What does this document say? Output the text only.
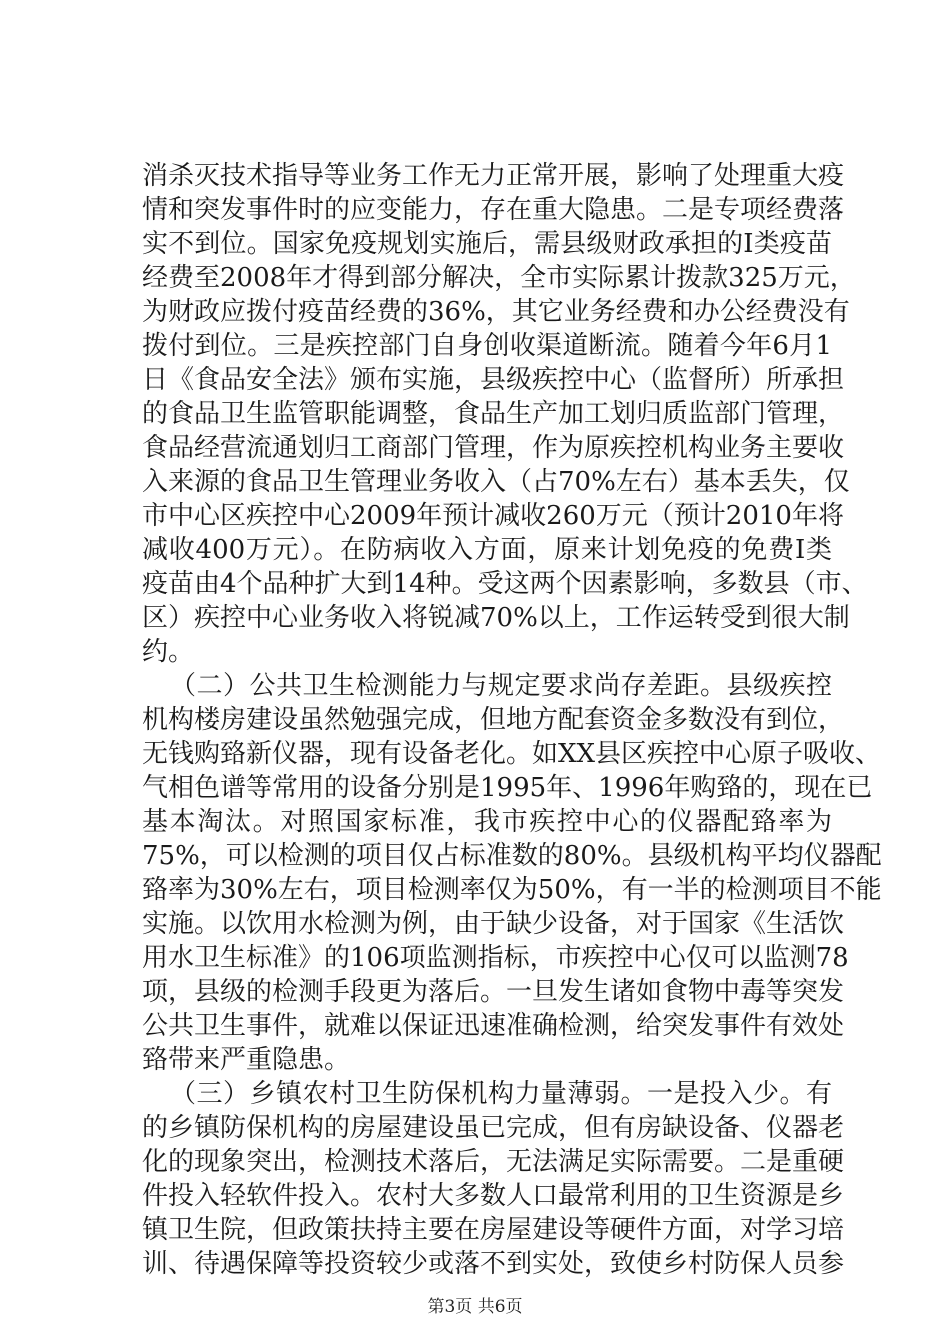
消杀灭技术指导等业务工作无力正常开展，影响了处理重大疫
情和突发事件时的应变能力，存在重大隐患。二是专项经费落
实不到位。国家免疫规划实施后，需县级财政承担的Ⅰ类疫苗
经费至2008年才得到部分解决，全市实际累计拨款325万元，
为财政应拨付疫苗经费的36%，其它业务经费和办公经费没有
拨付到位。三是疾控部门自身创收渠道断流。随着今年6月1
日《食品安全法》颁布实施，县级疾控中心（监督所）所承担
的食品卫生监管职能调整，食品生产加工划归质监部门管理，
食品经营流通划归工商部门管理，作为原疾控机构业务主要收
入来源的食品卫生管理业务收入（占70%左右）基本丢失，仅
市中心区疾控中心2009年预计减收260万元（预计2010年将
减收400万元）。在防病收入方面，原来计划免疫的免费Ⅰ类
疫苗由4个品种扩大到14种。受这两个因素影响，多数县（市、
区）疾控中心业务收入将锐减70%以上，工作运转受到很大制
约。
（二）公共卫生检测能力与规定要求尚存差距。县级疾控
机构楼房建设虽然勉强完成，但地方配套资金多数没有到位，
无钱购臵新仪器，现有设备老化。如XX县区疾控中心原子吸收、
气相色谱等常用的设备分别是1995年、1996年购臵的，现在已
基本淘汰。对照国家标准，我市疾控中心的仪器配臵率为
75%，可以检测的项目仅占标准数的80%。县级机构平均仪器配
臵率为30%左右，项目检测率仅为50%，有一半的检测项目不能
实施。以饮用水检测为例，由于缺少设备，对于国家《生活饮
用水卫生标准》的106项监测指标，市疾控中心仅可以监测78
项，县级的检测手段更为落后。一旦发生诸如食物中毒等突发
公共卫生事件，就难以保证迅速准确检测，给突发事件有效处
臵带来严重隐患。
（三）乡镇农村卫生防保机构力量薄弱。一是投入少。有
的乡镇防保机构的房屋建设虽已完成，但有房缺设备、仪器老
化的现象突出，检测技术落后，无法满足实际需要。二是重硬
件投入轻软件投入。农村大多数人口最常利用的卫生资源是乡
镇卫生院，但政策扶持主要在房屋建设等硬件方面，对学习培
训、待遇保障等投资较少或落不到实处，致使乡村防保人员参
第3页 共6页
